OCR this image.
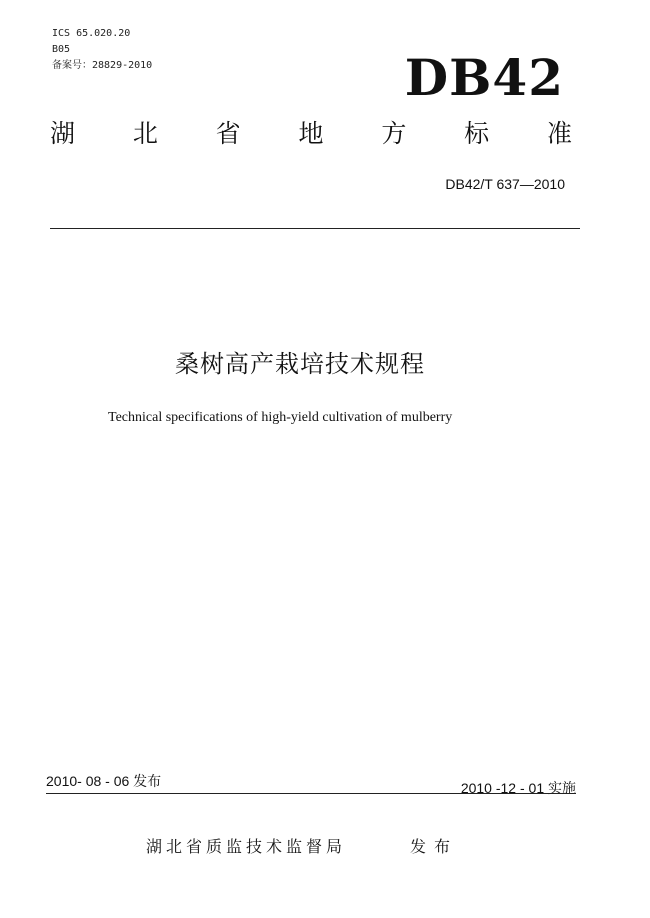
ICS 65.020.20
B05
备案号：28829-2010	DB42
湖 北 省 地 方 标 准
DB42/T 637—2010
桑树高产栽培技术规程
Technical specifications of high-yield cultivation of mulberry
2010- 08 - 06 发布	2010 -12 - 01 实施
湖北省质监技术监督局	发布
